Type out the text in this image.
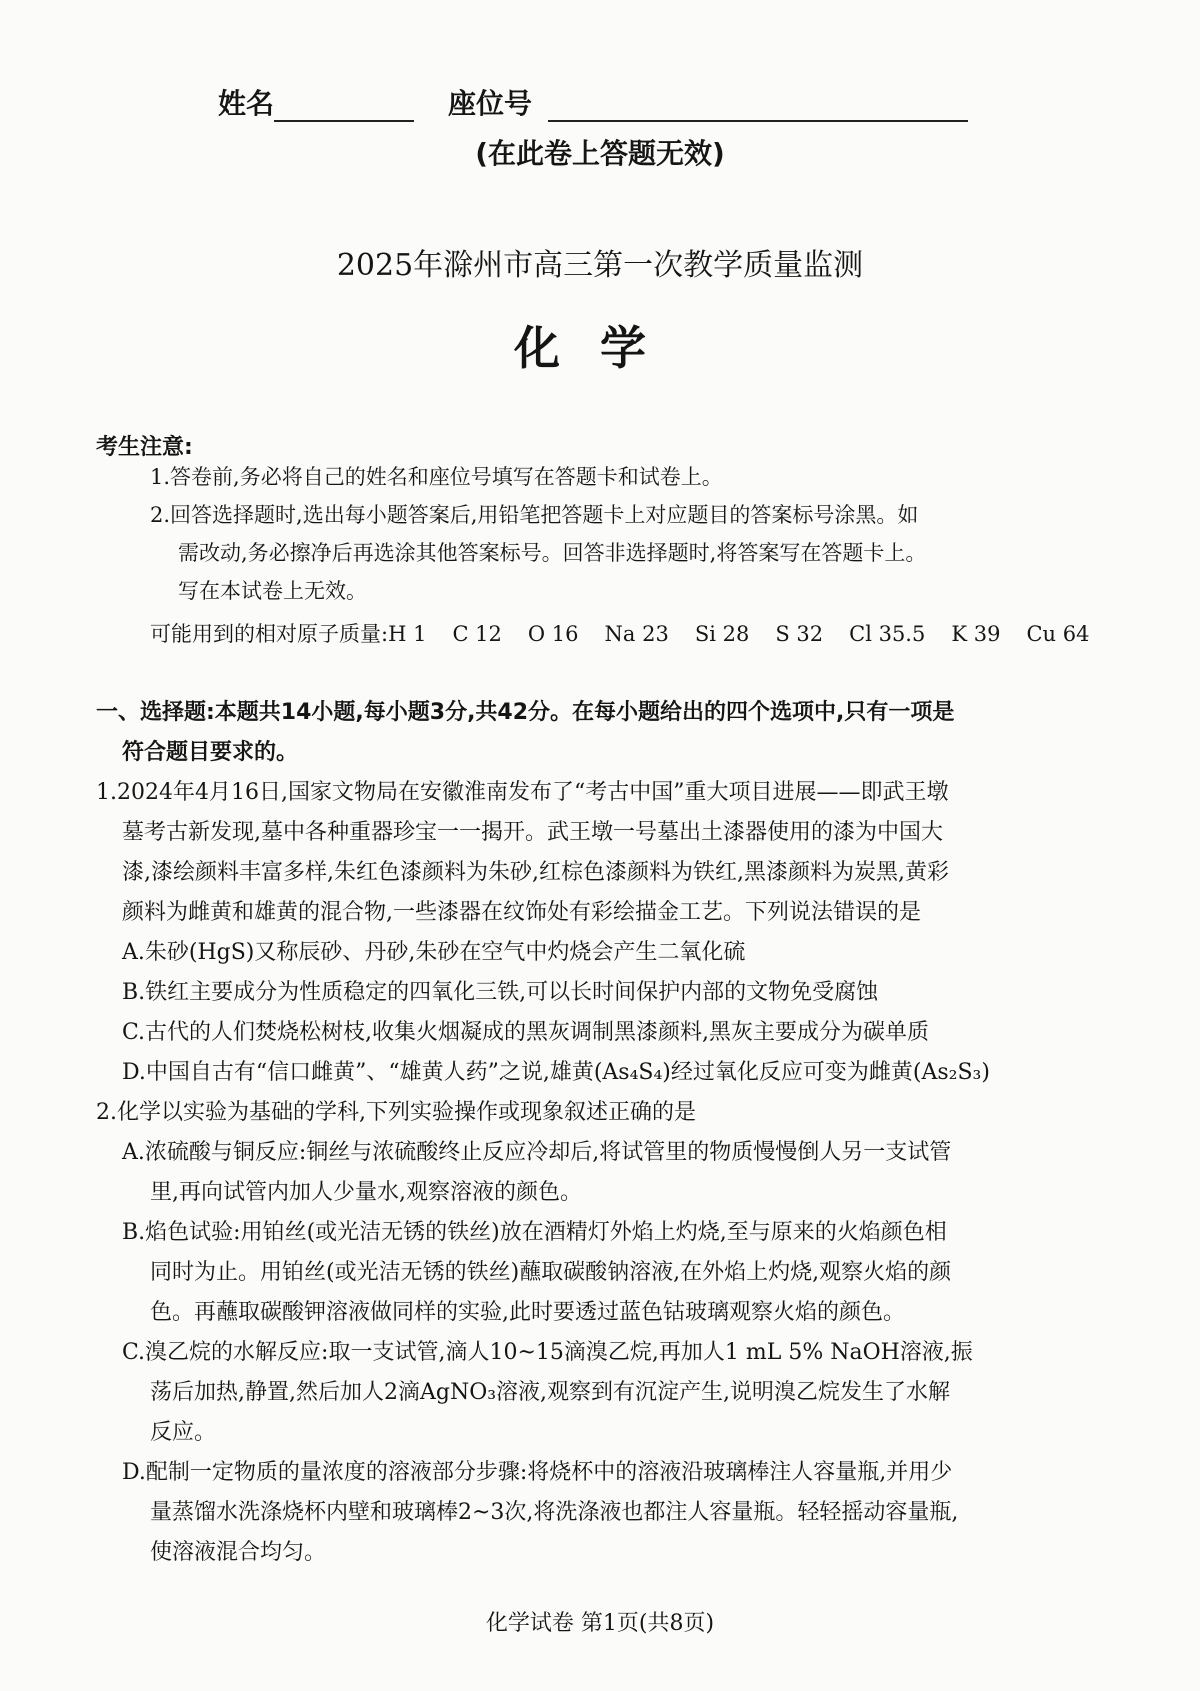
姓名	座位号
(在此卷上答题无效)
2025年滁州市高三第一次教学质量监测
化学
考生注意:
1.答卷前,务必将自己的姓名和座位号填写在答题卡和试卷上。
2.回答选择题时,选出每小题答案后,用铅笔把答题卡上对应题目的答案标号涂黑。如
需改动,务必擦净后再选涂其他答案标号。回答非选择题时,将答案写在答题卡上。
写在本试卷上无效。
可能用到的相对原子质量:H 1 C 12 O 16 Na 23 Si 28 S 32 Cl 35.5 K 39 Cu 64
一、选择题:本题共14小题,每小题3分,共42分。在每小题给出的四个选项中,只有一项是
符合题目要求的。
1.2024年4月16日,国家文物局在安徽淮南发布了“考古中国”重大项目进展——即武王墩
墓考古新发现,墓中各种重器珍宝一一揭开。武王墩一号墓出土漆器使用的漆为中国大
漆,漆绘颜料丰富多样,朱红色漆颜料为朱砂,红棕色漆颜料为铁红,黑漆颜料为炭黑,黄彩
颜料为雌黄和雄黄的混合物,一些漆器在纹饰处有彩绘描金工艺。下列说法错误的是
A.朱砂(HgS)又称辰砂、丹砂,朱砂在空气中灼烧会产生二氧化硫
B.铁红主要成分为性质稳定的四氧化三铁,可以长时间保护内部的文物免受腐蚀
C.古代的人们焚烧松树枝,收集火烟凝成的黑灰调制黑漆颜料,黑灰主要成分为碳单质
D.中国自古有“信口雌黄”、“雄黄人药”之说,雄黄(As₄S₄)经过氧化反应可变为雌黄(As₂S₃)
2.化学以实验为基础的学科,下列实验操作或现象叙述正确的是
A.浓硫酸与铜反应:铜丝与浓硫酸终止反应冷却后,将试管里的物质慢慢倒人另一支试管
里,再向试管内加人少量水,观察溶液的颜色。
B.焰色试验:用铂丝(或光洁无锈的铁丝)放在酒精灯外焰上灼烧,至与原来的火焰颜色相
同时为止。用铂丝(或光洁无锈的铁丝)蘸取碳酸钠溶液,在外焰上灼烧,观察火焰的颜
色。再蘸取碳酸钾溶液做同样的实验,此时要透过蓝色钴玻璃观察火焰的颜色。
C.溴乙烷的水解反应:取一支试管,滴人10~15滴溴乙烷,再加人1 mL 5% NaOH溶液,振
荡后加热,静置,然后加人2滴AgNO₃溶液,观察到有沉淀产生,说明溴乙烷发生了水解
反应。
D.配制一定物质的量浓度的溶液部分步骤:将烧杯中的溶液沿玻璃棒注人容量瓶,并用少
量蒸馏水洗涤烧杯内壁和玻璃棒2~3次,将洗涤液也都注人容量瓶。轻轻摇动容量瓶,
使溶液混合均匀。
化学试卷 第1页(共8页)
